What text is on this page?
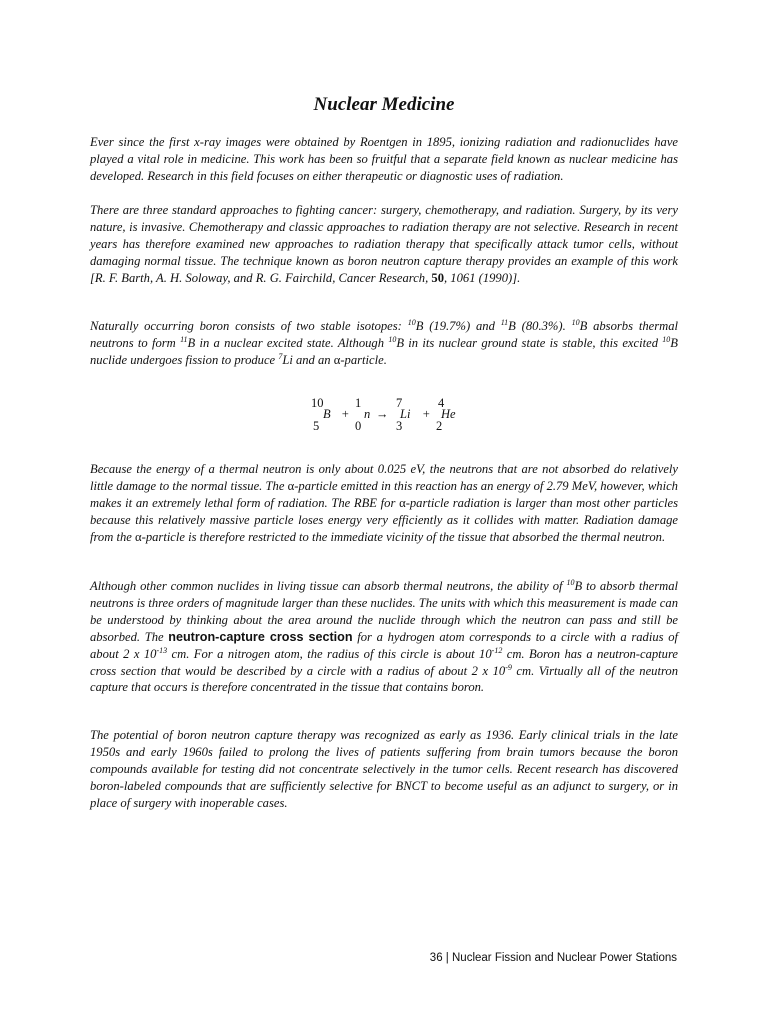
Nuclear Medicine

Ever since the first x-ray images were obtained by Roentgen in 1895, ionizing radiation and radionuclides have played a vital role in medicine. This work has been so fruitful that a separate field known as nuclear medicine has developed. Research in this field focuses on either therapeutic or diagnostic uses of radiation.

There are three standard approaches to fighting cancer: surgery, chemotherapy, and radiation. Surgery, by its very nature, is invasive. Chemotherapy and classic approaches to radiation therapy are not selective. Research in recent years has therefore examined new approaches to radiation therapy that specifically attack tumor cells, without damaging normal tissue. The technique known as boron neutron capture therapy provides an example of this work [R. F. Barth, A. H. Soloway, and R. G. Fairchild, Cancer Research, 50, 1061 (1990)].

Naturally occurring boron consists of two stable isotopes: $^{10}$B (19.7%) and $^{11}$B (80.3%). $^{10}$B absorbs thermal neutrons to form $^{11}$B in a nuclear excited state. Although $^{10}$B in its nuclear ground state is stable, this excited $^{10}$B nuclide undergoes fission to produce $^7$Li and an α-particle.

10
B
5
+
1
n
0
→
7
Li
3
+
4
He
2

Because the energy of a thermal neutron is only about 0.025 eV, the neutrons that are not absorbed do relatively little damage to the normal tissue. The α-particle emitted in this reaction has an energy of 2.79 MeV, however, which makes it an extremely lethal form of radiation. The RBE for α-particle radiation is larger than most other particles because this relatively massive particle loses energy very efficiently as it collides with matter. Radiation damage from the α-particle is therefore restricted to the immediate vicinity of the tissue that absorbed the thermal neutron.

Although other common nuclides in living tissue can absorb thermal neutrons, the ability of $^{10}$B to absorb thermal neutrons is three orders of magnitude larger than these nuclides. The units with which this measurement is made can be understood by thinking about the area around the nuclide through which the neutron can pass and still be absorbed. The neutron-capture cross section for a hydrogen atom corresponds to a circle with a radius of about 2 x $10^{-13}$ cm. For a nitrogen atom, the radius of this circle is about $10^{-12}$ cm. Boron has a neutron-capture cross section that would be described by a circle with a radius of about 2 x $10^{-9}$ cm. Virtually all of the neutron capture that occurs is therefore concentrated in the tissue that contains boron.

The potential of boron neutron capture therapy was recognized as early as 1936. Early clinical trials in the late 1950s and early 1960s failed to prolong the lives of patients suffering from brain tumors because the boron compounds available for testing did not concentrate selectively in the tumor cells. Recent research has discovered boron-labeled compounds that are sufficiently selective for BNCT to become useful as an adjunct to surgery, or in place of surgery with inoperable cases.

36 | Nuclear Fission and Nuclear Power Stations
